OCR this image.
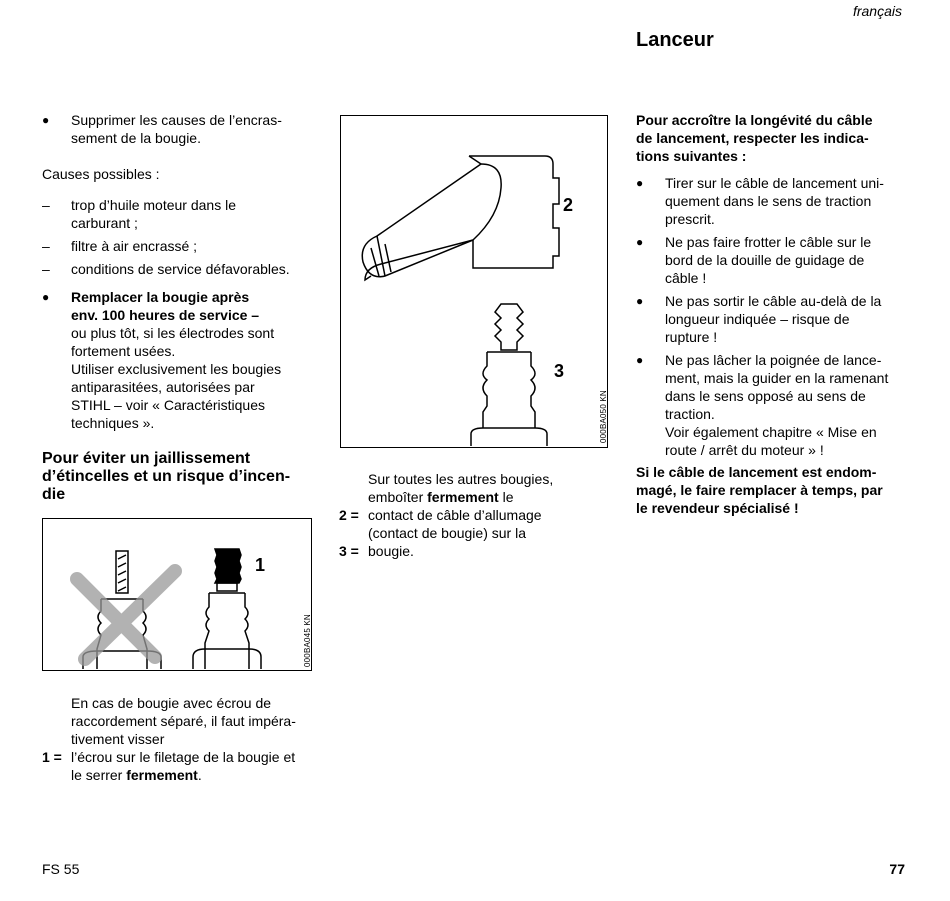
français
Lanceur

● Supprimer les causes de l’encras-

sement de la bougie.

Causes possibles :

– trop d’huile moteur dans le

carburant ;

– filtre à air encrassé ;

– conditions de service défavorables.

● Remplacer la bougie après

env. 100 heures de service –

ou plus tôt, si les électrodes sont

fortement usées.

Utiliser exclusivement les bougies

antiparasitées, autorisées par

STIHL – voir « Caractéristiques

techniques ».

Pour éviter un jaillissement

d’étincelles et un risque d’incen-

die

1
000BA045 KN

En cas de bougie avec écrou de

raccordement séparé, il faut impéra-

tivement visser

1 = l’écrou sur le filetage de la bougie et

le serrer fermement.

2
3
000BA050 KN

Sur toutes les autres bougies,

emboîter fermement le

2 = contact de câble d’allumage

(contact de bougie) sur la

3 = bougie.

Pour accroître la longévité du câble

de lancement, respecter les indica-

tions suivantes :

● Tirer sur le câble de lancement uni-

quement dans le sens de traction

prescrit.

● Ne pas faire frotter le câble sur le

bord de la douille de guidage de

câble !

● Ne pas sortir le câble au-delà de la

longueur indiquée – risque de

rupture !

● Ne pas lâcher la poignée de lance-

ment, mais la guider en la ramenant

dans le sens opposé au sens de

traction.

Voir également chapitre « Mise en

route / arrêt du moteur » !

Si le câble de lancement est endom-

magé, le faire remplacer à temps, par

le revendeur spécialisé !

FS 55	77
